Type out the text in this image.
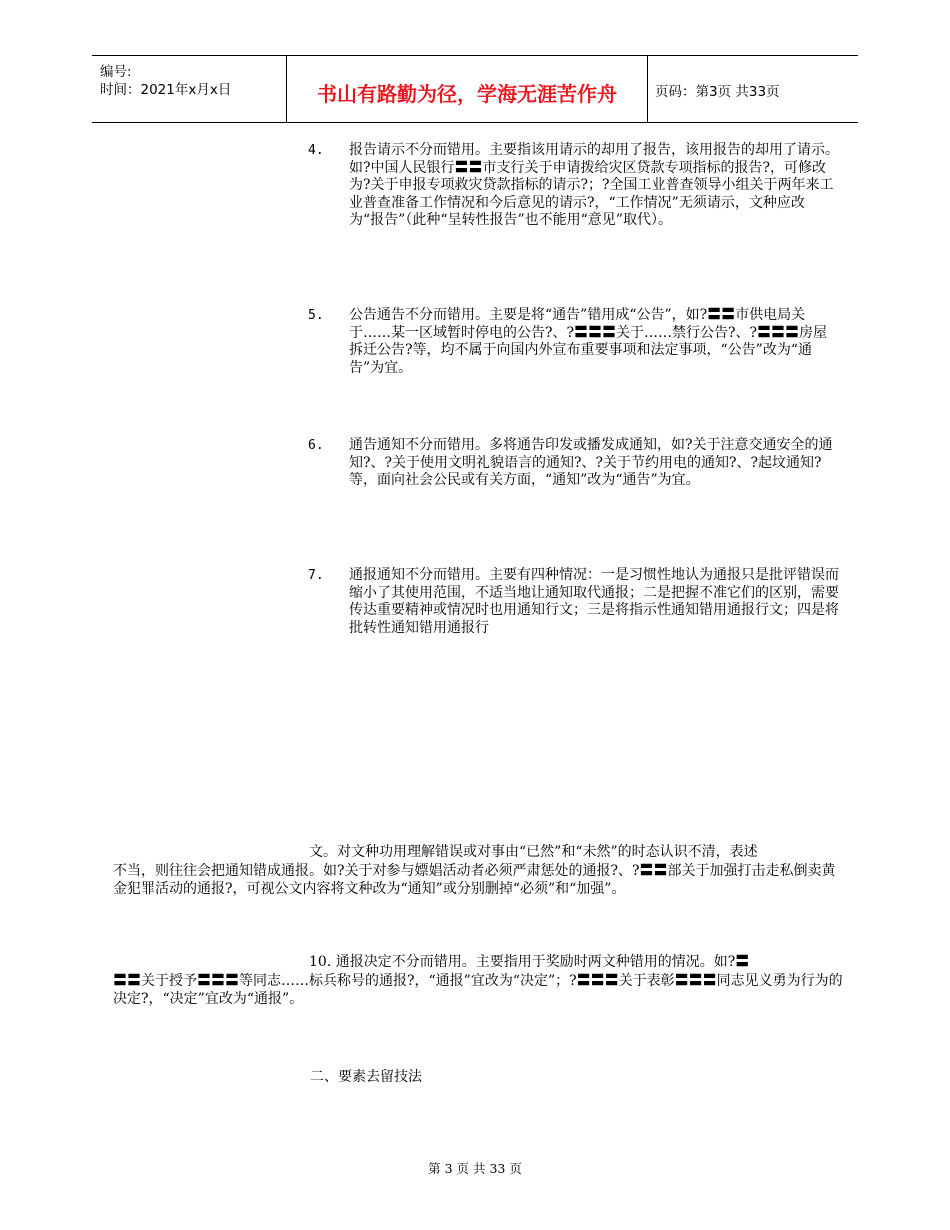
编号:
时间：2021年x月x日	书山有路勤为径，学海无涯苦作舟	页码：第3页 共33页
4. 报告请示不分而错用。主要指该用请示的却用了报告，该用报告的却用了请示。如?中国人民银行〓〓市支行关于申请拨给灾区贷款专项指标的报告?，可修改为?关于申报专项救灾贷款指标的请示?；?全国工业普查领导小组关于两年来工业普查准备工作情况和今后意见的请示?，“工作情况”无须请示，文种应改为“报告”（此种“呈转性报告”也不能用“意见”取代）。
5. 公告通告不分而错用。主要是将“通告”错用成“公告”，如?〓〓市供电局关于……某一区域暂时停电的公告?、?〓〓〓关于……禁行公告?、?〓〓〓房屋拆迁公告?等，均不属于向国内外宣布重要事项和法定事项，“公告”改为“通告”为宜。
6. 通告通知不分而错用。多将通告印发或播发成通知，如?关于注意交通安全的通知?、?关于使用文明礼貌语言的通知?、?关于节约用电的通知?、?起坟通知?等，面向社会公民或有关方面，“通知”改为“通告”为宜。
7. 通报通知不分而错用。主要有四种情况：一是习惯性地认为通报只是批评错误而缩小了其使用范围，不适当地让通知取代通报；二是把握不准它们的区别，需要传达重要精神或情况时也用通知行文；三是将指示性通知错用通报行文；四是将批转性通知错用通报行
文。对文种功用理解错误或对事由“已然”和“未然”的时态认识不清，表述
不当，则往往会把通知错成通报。如?关于对参与嫖娼活动者必须严肃惩处的通报?、?〓〓部关于加强打击走私倒卖黄金犯罪活动的通报?，可视公文内容将文种改为“通知”或分别删掉“必须”和“加强”。
10. 通报决定不分而错用。主要指用于奖励时两文种错用的情况。如?〓
〓〓关于授予〓〓〓等同志……标兵称号的通报?，“通报”宜改为“决定”；?〓〓〓关于表彰〓〓〓同志见义勇为行为的决定?，“决定”宜改为“通报”。
二、要素去留技法
第 3 页 共 33 页
